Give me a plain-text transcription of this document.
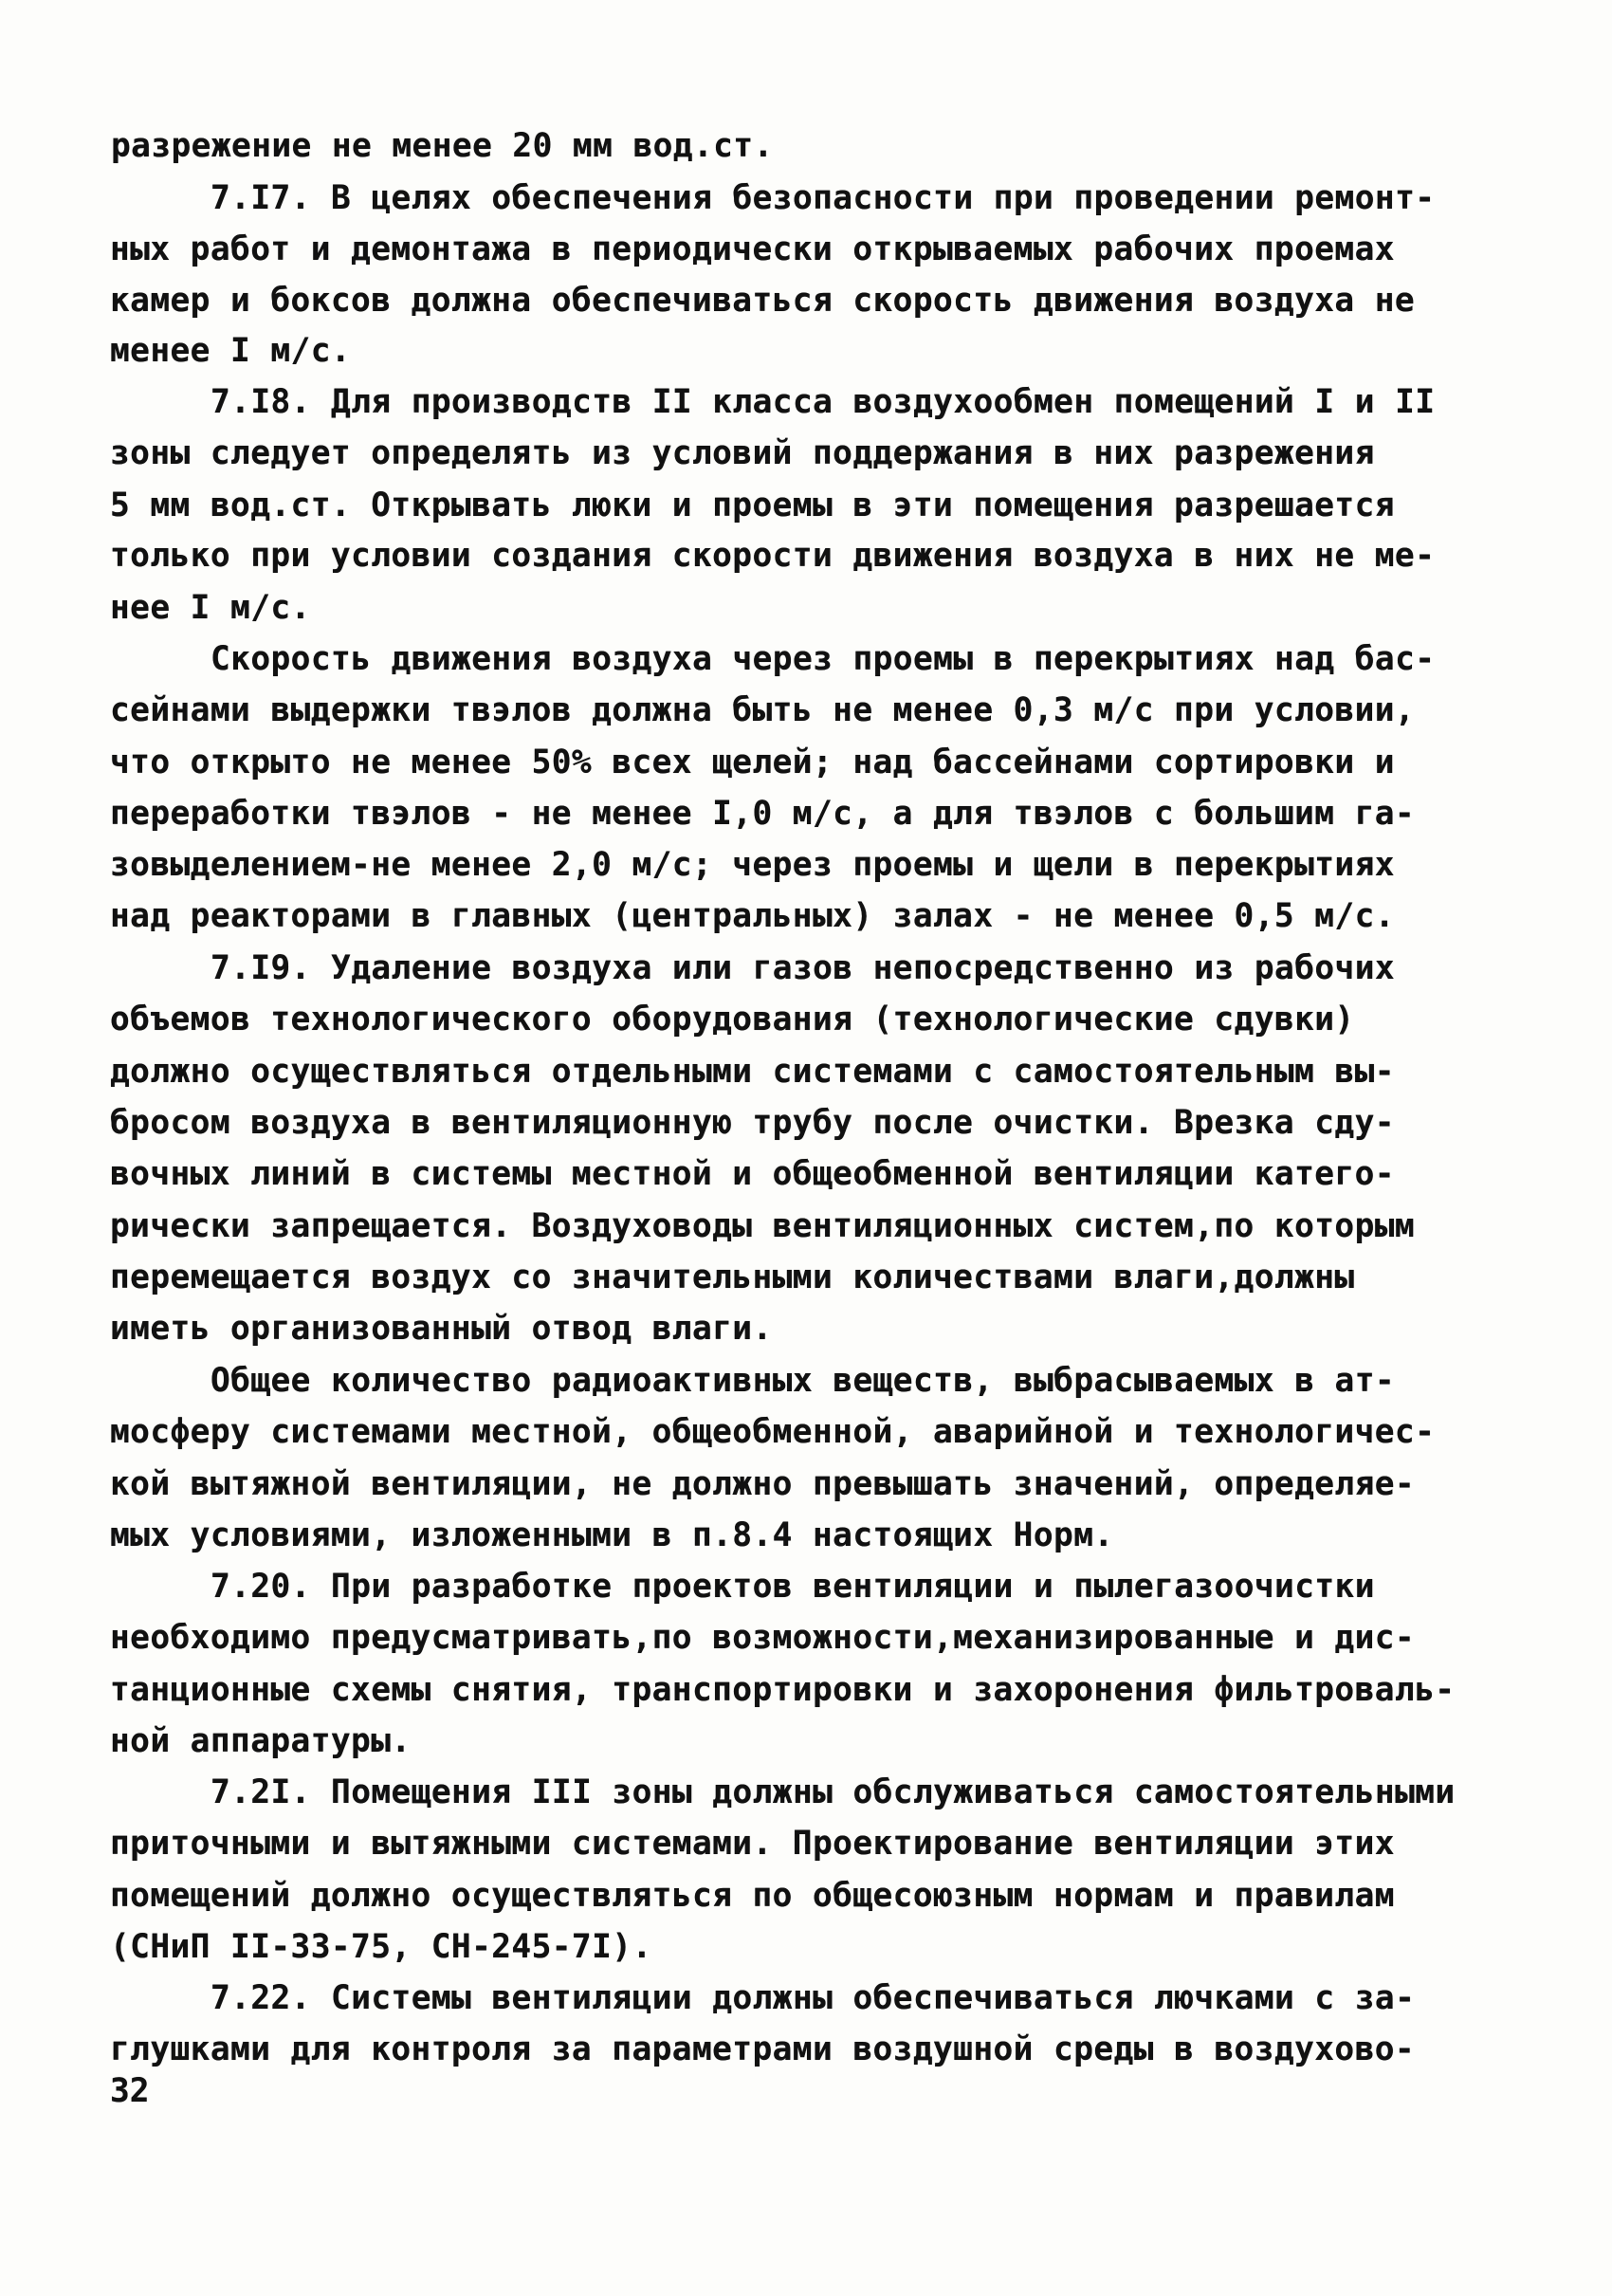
разрежение не менее 20 мм вод.ст.
7.I7. В целях обеспечения безопасности при проведении ремонт-
ных работ и демонтажа в периодически открываемых рабочих проемах
камер и боксов должна обеспечиваться скорость движения воздуха не
менее I м/с.
7.I8. Для производств II класса воздухообмен помещений I и II
зоны следует определять из условий поддержания в них разрежения
5 мм вод.ст. Открывать люки и проемы в эти помещения разрешается
только при условии создания скорости движения воздуха в них не ме-
нее I м/с.
Скорость движения воздуха через проемы в перекрытиях над бас-
сейнами выдержки твэлов должна быть не менее 0,3 м/с при условии,
что открыто не менее 50% всех щелей; над бассейнами сортировки и
переработки твэлов - не менее I,0 м/с, а для твэлов с большим га-
зовыделением-не менее 2,0 м/с; через проемы и щели в перекрытиях
над реакторами в главных (центральных) залах - не менее 0,5 м/с.
7.I9. Удаление воздуха или газов непосредственно из рабочих
объемов технологического оборудования (технологические сдувки)
должно осуществляться отдельными системами с самостоятельным вы-
бросом воздуха в вентиляционную трубу после очистки. Врезка сду-
вочных линий в системы местной и общеобменной вентиляции катего-
рически запрещается. Воздуховоды вентиляционных систем,по которым
перемещается воздух со значительными количествами влаги,должны
иметь организованный отвод влаги.
Общее количество радиоактивных веществ, выбрасываемых в ат-
мосферу системами местной, общеобменной, аварийной и технологичес-
кой вытяжной вентиляции, не должно превышать значений, определяе-
мых условиями, изложенными в п.8.4 настоящих Норм.
7.20. При разработке проектов вентиляции и пылегазоочистки
необходимо предусматривать,по возможности,механизированные и дис-
танционные схемы снятия, транспортировки и захоронения фильтроваль-
ной аппаратуры.
7.2I. Помещения III зоны должны обслуживаться самостоятельными
приточными и вытяжными системами. Проектирование вентиляции этих
помещений должно осуществляться по общесоюзным нормам и правилам
(СНиП II-33-75, СН-245-7I).
7.22. Системы вентиляции должны обеспечиваться лючками с за-
глушками для контроля за параметрами воздушной среды в воздухово-
32
